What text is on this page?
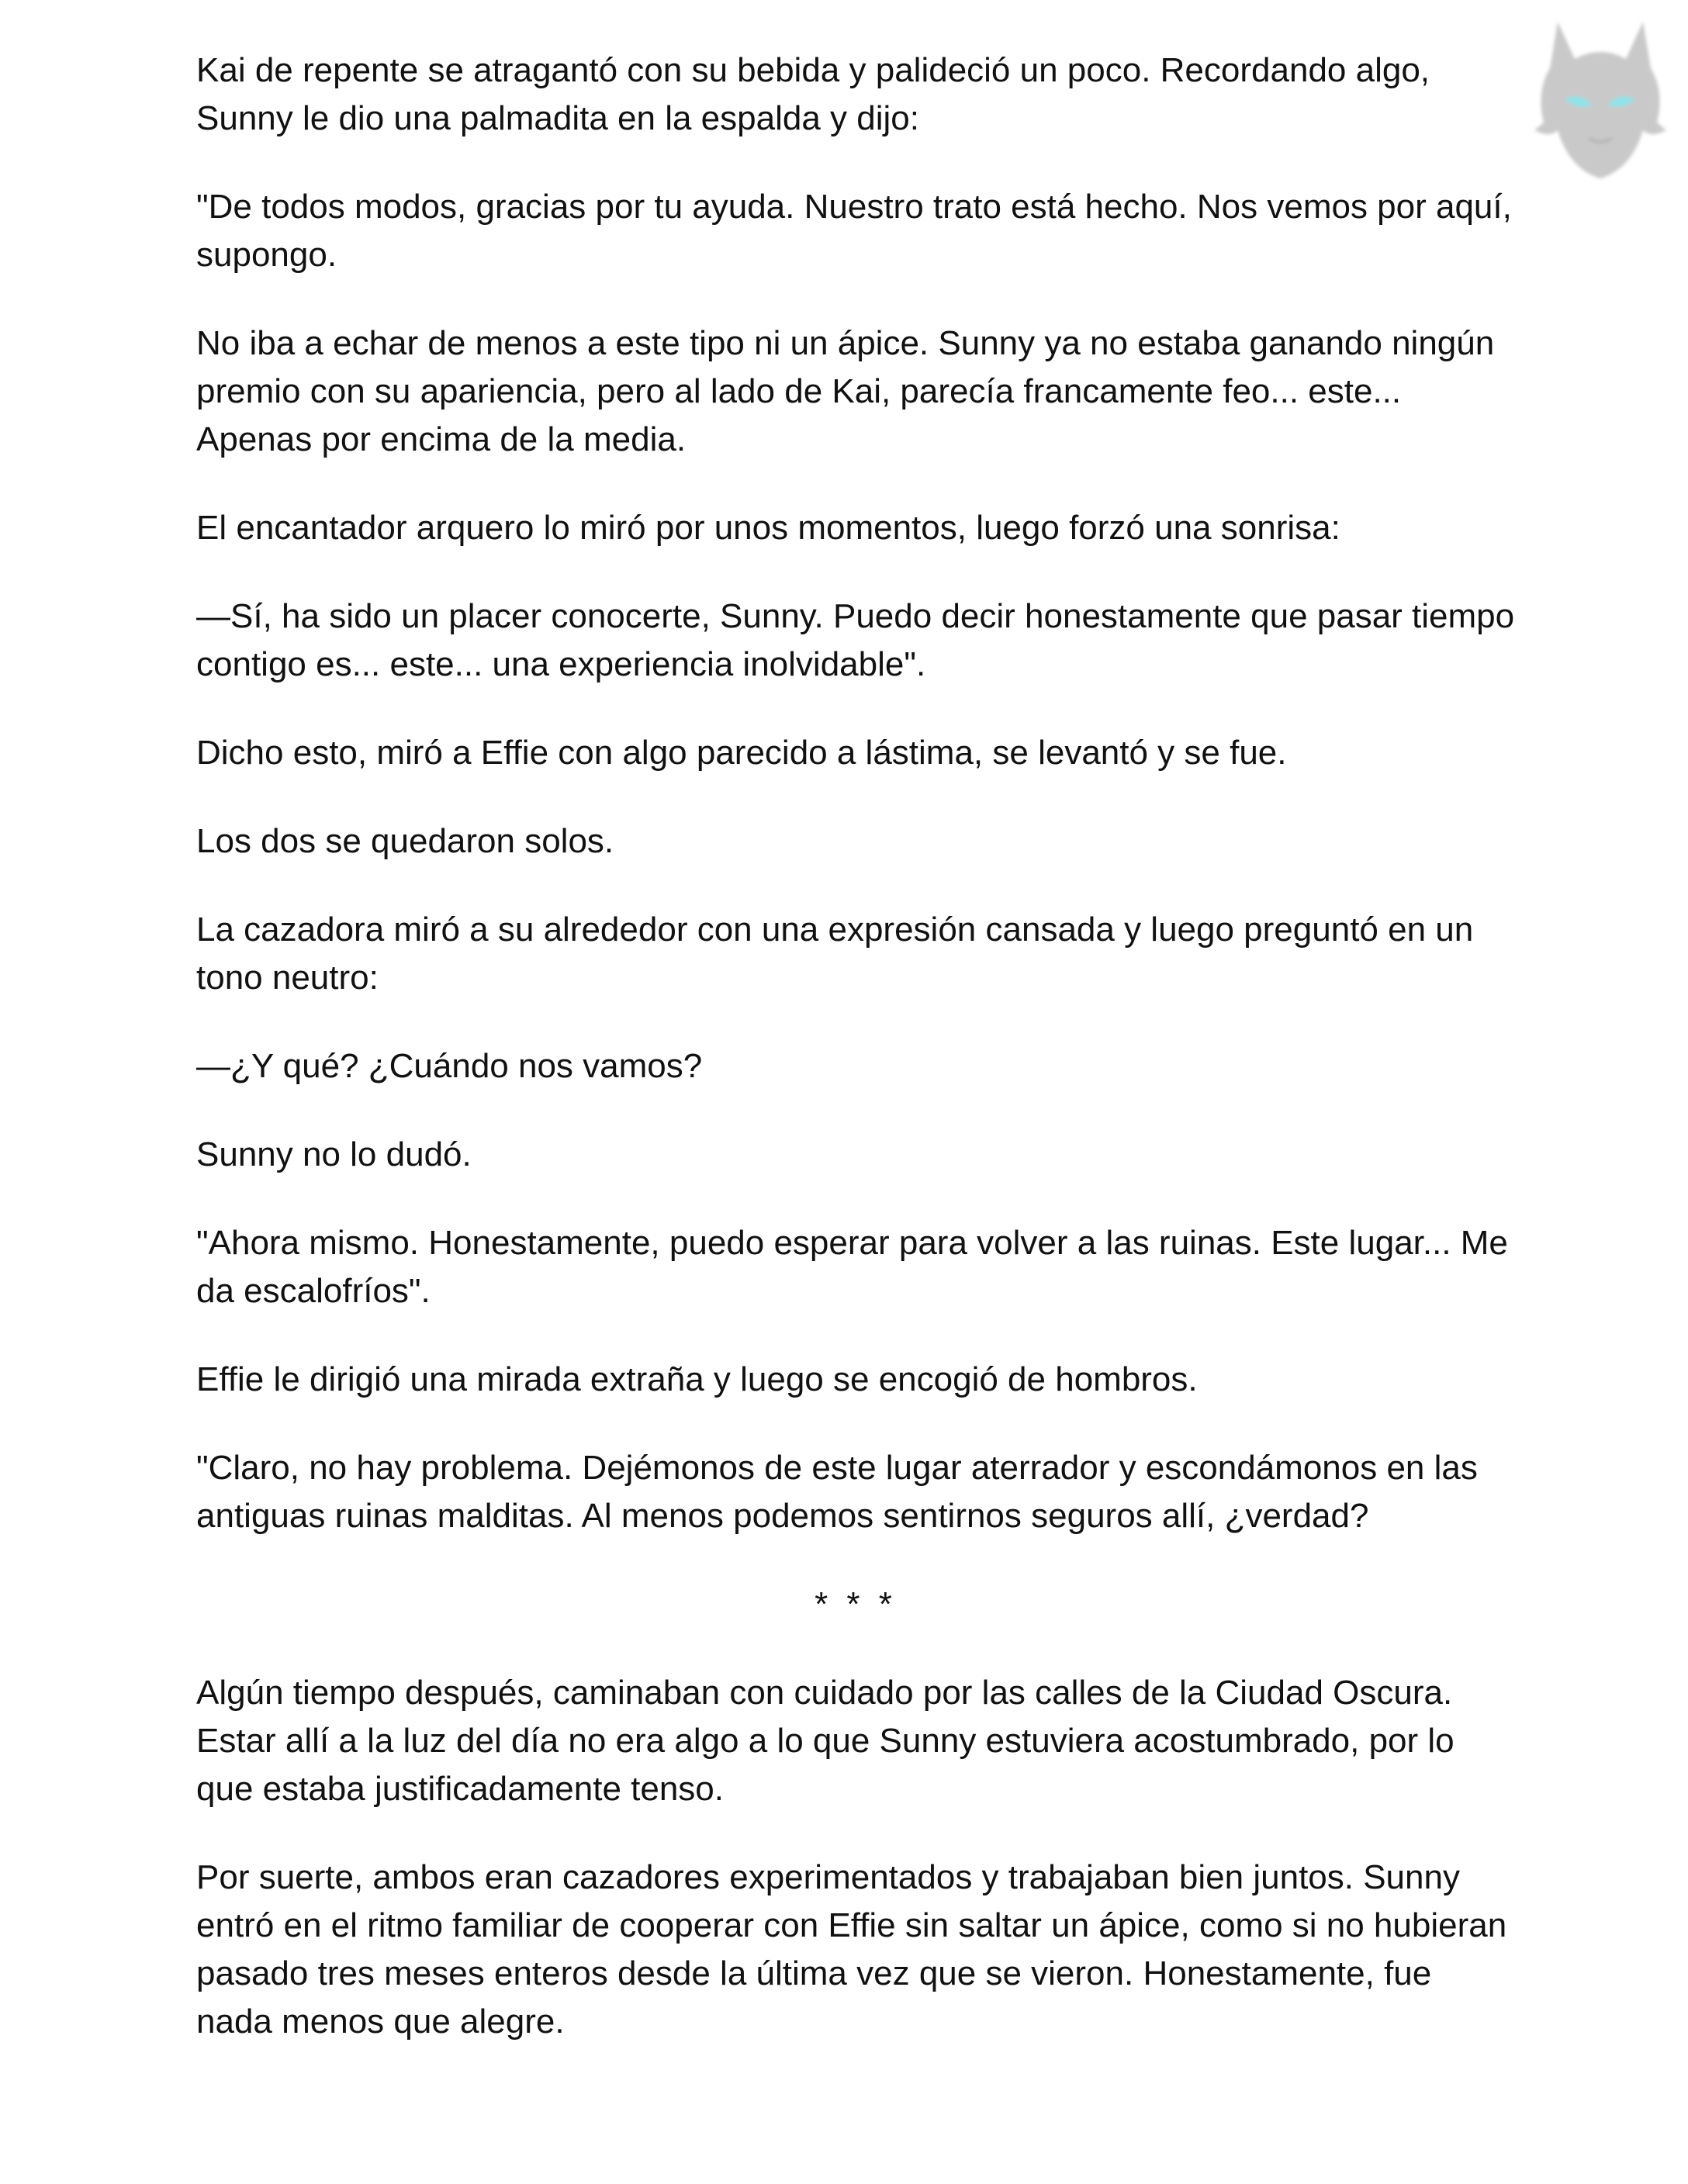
Kai de repente se atragantó con su bebida y palideció un poco. Recordando algo, Sunny le dio una palmadita en la espalda y dijo:

"De todos modos, gracias por tu ayuda. Nuestro trato está hecho. Nos vemos por aquí, supongo.

No iba a echar de menos a este tipo ni un ápice. Sunny ya no estaba ganando ningún premio con su apariencia, pero al lado de Kai, parecía francamente feo... este... Apenas por encima de la media.

El encantador arquero lo miró por unos momentos, luego forzó una sonrisa:

—Sí, ha sido un placer conocerte, Sunny. Puedo decir honestamente que pasar tiempo contigo es... este... una experiencia inolvidable".

Dicho esto, miró a Effie con algo parecido a lástima, se levantó y se fue.

Los dos se quedaron solos.

La cazadora miró a su alrededor con una expresión cansada y luego preguntó en un tono neutro:

—¿Y qué? ¿Cuándo nos vamos?

Sunny no lo dudó.

"Ahora mismo. Honestamente, puedo esperar para volver a las ruinas. Este lugar... Me da escalofríos".

Effie le dirigió una mirada extraña y luego se encogió de hombros.

"Claro, no hay problema. Dejémonos de este lugar aterrador y escondámonos en las antiguas ruinas malditas. Al menos podemos sentirnos seguros allí, ¿verdad?

* * *

Algún tiempo después, caminaban con cuidado por las calles de la Ciudad Oscura. Estar allí a la luz del día no era algo a lo que Sunny estuviera acostumbrado, por lo que estaba justificadamente tenso.

Por suerte, ambos eran cazadores experimentados y trabajaban bien juntos. Sunny entró en el ritmo familiar de cooperar con Effie sin saltar un ápice, como si no hubieran pasado tres meses enteros desde la última vez que se vieron. Honestamente, fue nada menos que alegre.
